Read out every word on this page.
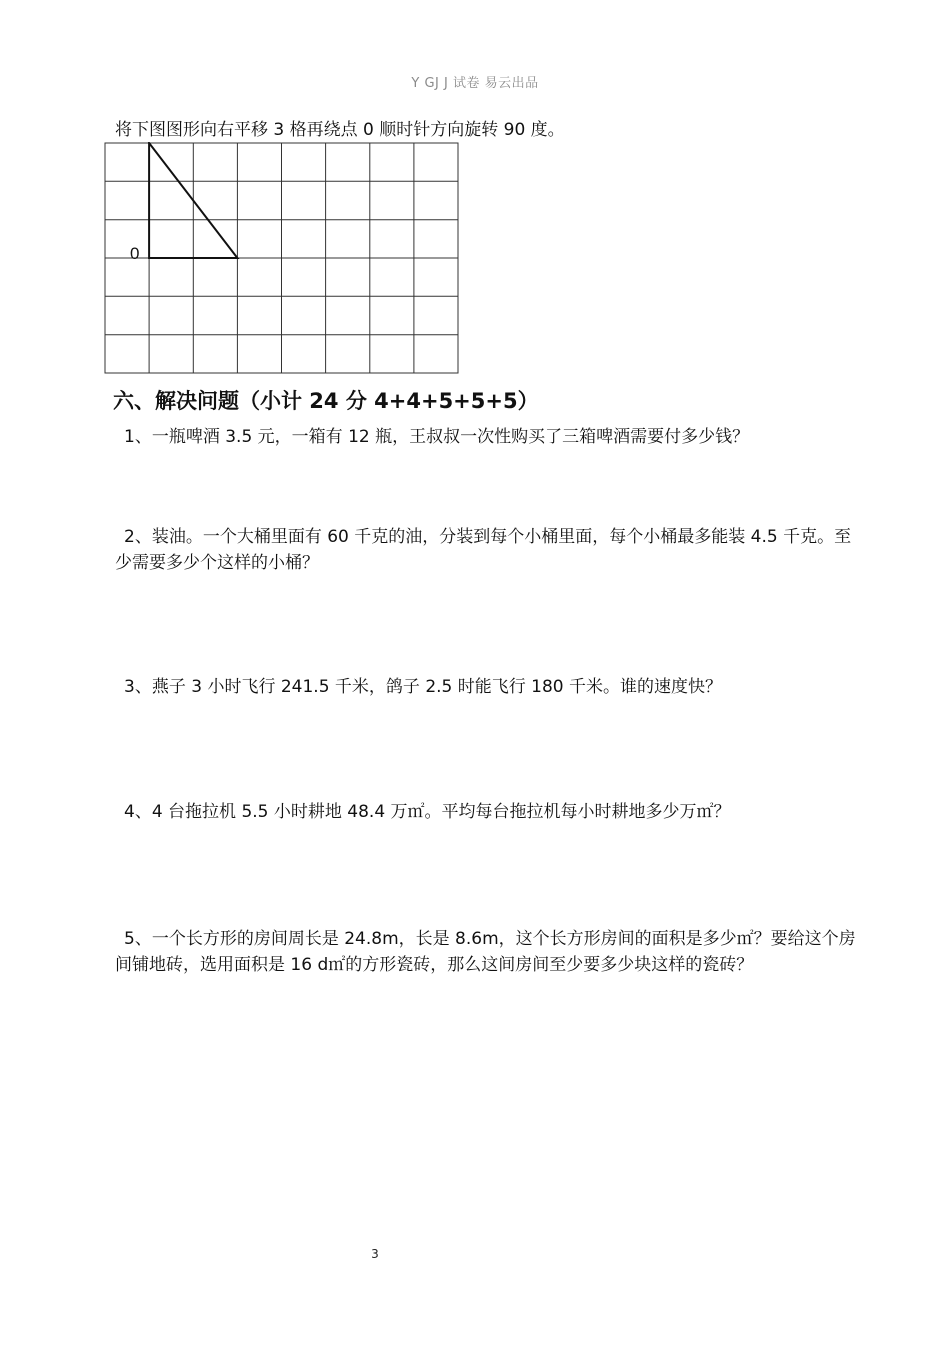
Y GJ J 试卷 易云出品
将下图图形向右平移 3 格再绕点 0 顺时针方向旋转 90 度。
0
六、解决问题（小计 24 分 4+4+5+5+5）
1、一瓶啤酒 3.5 元，一箱有 12 瓶，王叔叔一次性购买了三箱啤酒需要付多少钱？
2、装油。一个大桶里面有 60 千克的油，分装到每个小桶里面，每个小桶最多能装 4.5 千克。至少需要多少个这样的小桶？
3、燕子 3 小时飞行 241.5 千米，鸽子 2.5 时能飞行 180 千米。谁的速度快？
4、4 台拖拉机 5.5 小时耕地 48.4 万㎡。平均每台拖拉机每小时耕地多少万㎡？
5、一个长方形的房间周长是 24.8m，长是 8.6m，这个长方形房间的面积是多少㎡？要给这个房间铺地砖，选用面积是 16 d㎡的方形瓷砖，那么这间房间至少要多少块这样的瓷砖？
3
